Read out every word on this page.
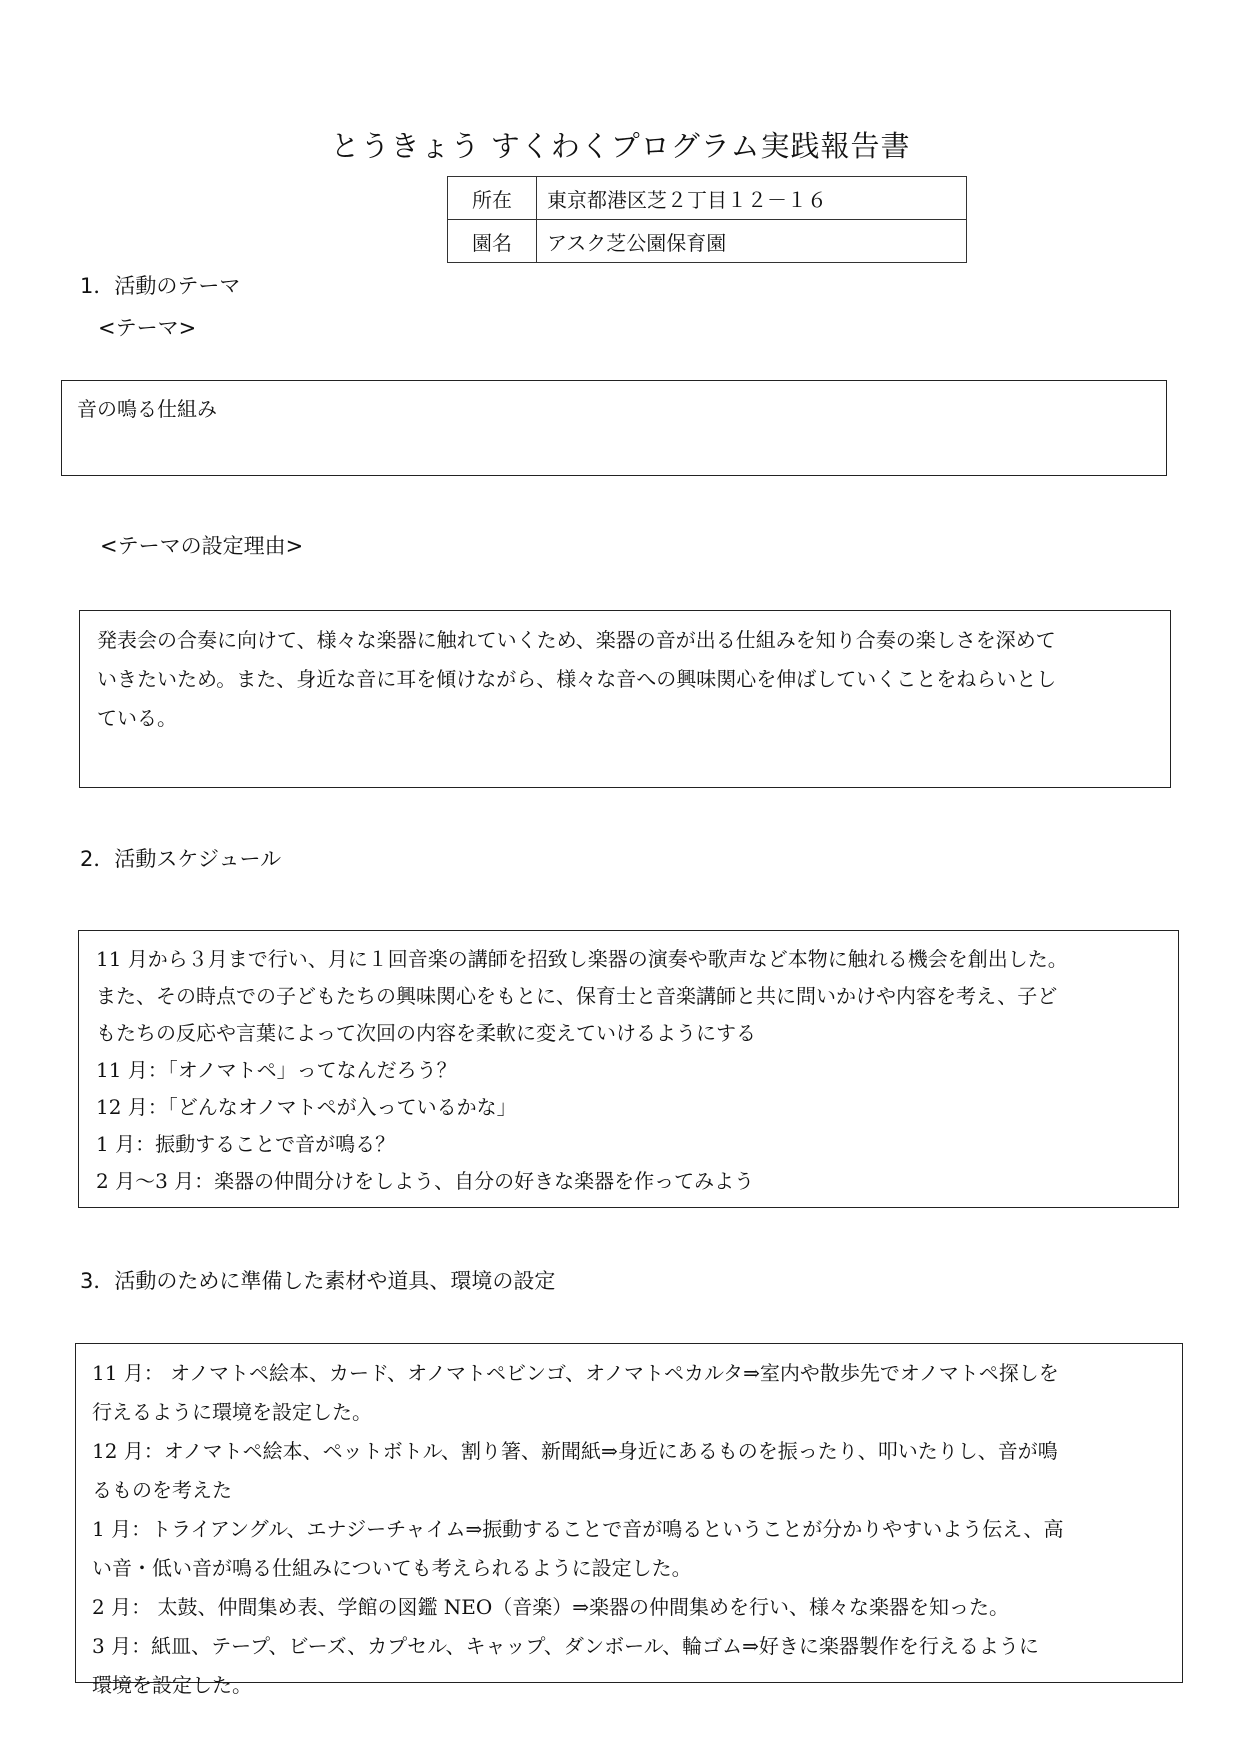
とうきょう すくわくプログラム実践報告書
所在	東京都港区芝２丁目１２－１６
園名	アスク芝公園保育園
1．活動のテーマ
<テーマ>

音の鳴る仕組み

<テーマの設定理由>

発表会の合奏に向けて、様々な楽器に触れていくため、楽器の音が出る仕組みを知り合奏の楽しさを深めて

いきたいため。また、身近な音に耳を傾けながら、様々な音への興味関心を伸ばしていくことをねらいとし

ている。

2．活動スケジュール

11 月から３月まで行い、月に１回音楽の講師を招致し楽器の演奏や歌声など本物に触れる機会を創出した。

また、その時点での子どもたちの興味関心をもとに、保育士と音楽講師と共に問いかけや内容を考え、子ど

もたちの反応や言葉によって次回の内容を柔軟に変えていけるようにする

11 月：「オノマトペ」ってなんだろう？

12 月：「どんなオノマトペが入っているかな」

1 月：振動することで音が鳴る？

2 月～3 月：楽器の仲間分けをしよう、自分の好きな楽器を作ってみよう

3．活動のために準備した素材や道具、環境の設定

11 月： オノマトペ絵本、カード、オノマトペビンゴ、オノマトペカルタ⇒室内や散歩先でオノマトペ探しを

行えるように環境を設定した。

12 月：オノマトペ絵本、ペットボトル、割り箸、新聞紙⇒身近にあるものを振ったり、叩いたりし、音が鳴

るものを考えた

1 月：トライアングル、エナジーチャイム⇒振動することで音が鳴るということが分かりやすいよう伝え、高

い音・低い音が鳴る仕組みについても考えられるように設定した。

2 月： 太鼓、仲間集め表、学館の図鑑 NEO（音楽）⇒楽器の仲間集めを行い、様々な楽器を知った。

3 月：紙皿、テープ、ビーズ、カプセル、キャップ、ダンボール、輪ゴム⇒好きに楽器製作を行えるように

環境を設定した。
